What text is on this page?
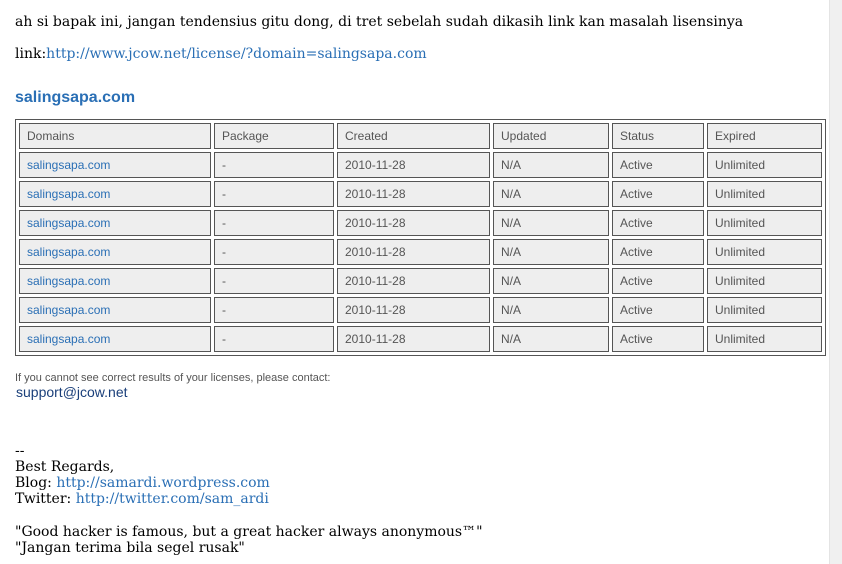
ah si bapak ini, jangan tendensius gitu dong, di tret sebelah sudah dikasih link kan masalah lisensinya
link:http://www.jcow.net/license/?domain=salingsapa.com
salingsapa.com
Domains	Package	Created	Updated	Status	Expired
salingsapa.com	-	2010-11-28	N/A	Active	Unlimited
salingsapa.com	-	2010-11-28	N/A	Active	Unlimited
salingsapa.com	-	2010-11-28	N/A	Active	Unlimited
salingsapa.com	-	2010-11-28	N/A	Active	Unlimited
salingsapa.com	-	2010-11-28	N/A	Active	Unlimited
salingsapa.com	-	2010-11-28	N/A	Active	Unlimited
salingsapa.com	-	2010-11-28	N/A	Active	Unlimited
If you cannot see correct results of your licenses, please contact:
support@jcow.net
--
Best Regards,
Blog: http://samardi.wordpress.com
Twitter: http://twitter.com/sam_ardi
"Good hacker is famous, but a great hacker always anonymous™"
"Jangan terima bila segel rusak"
